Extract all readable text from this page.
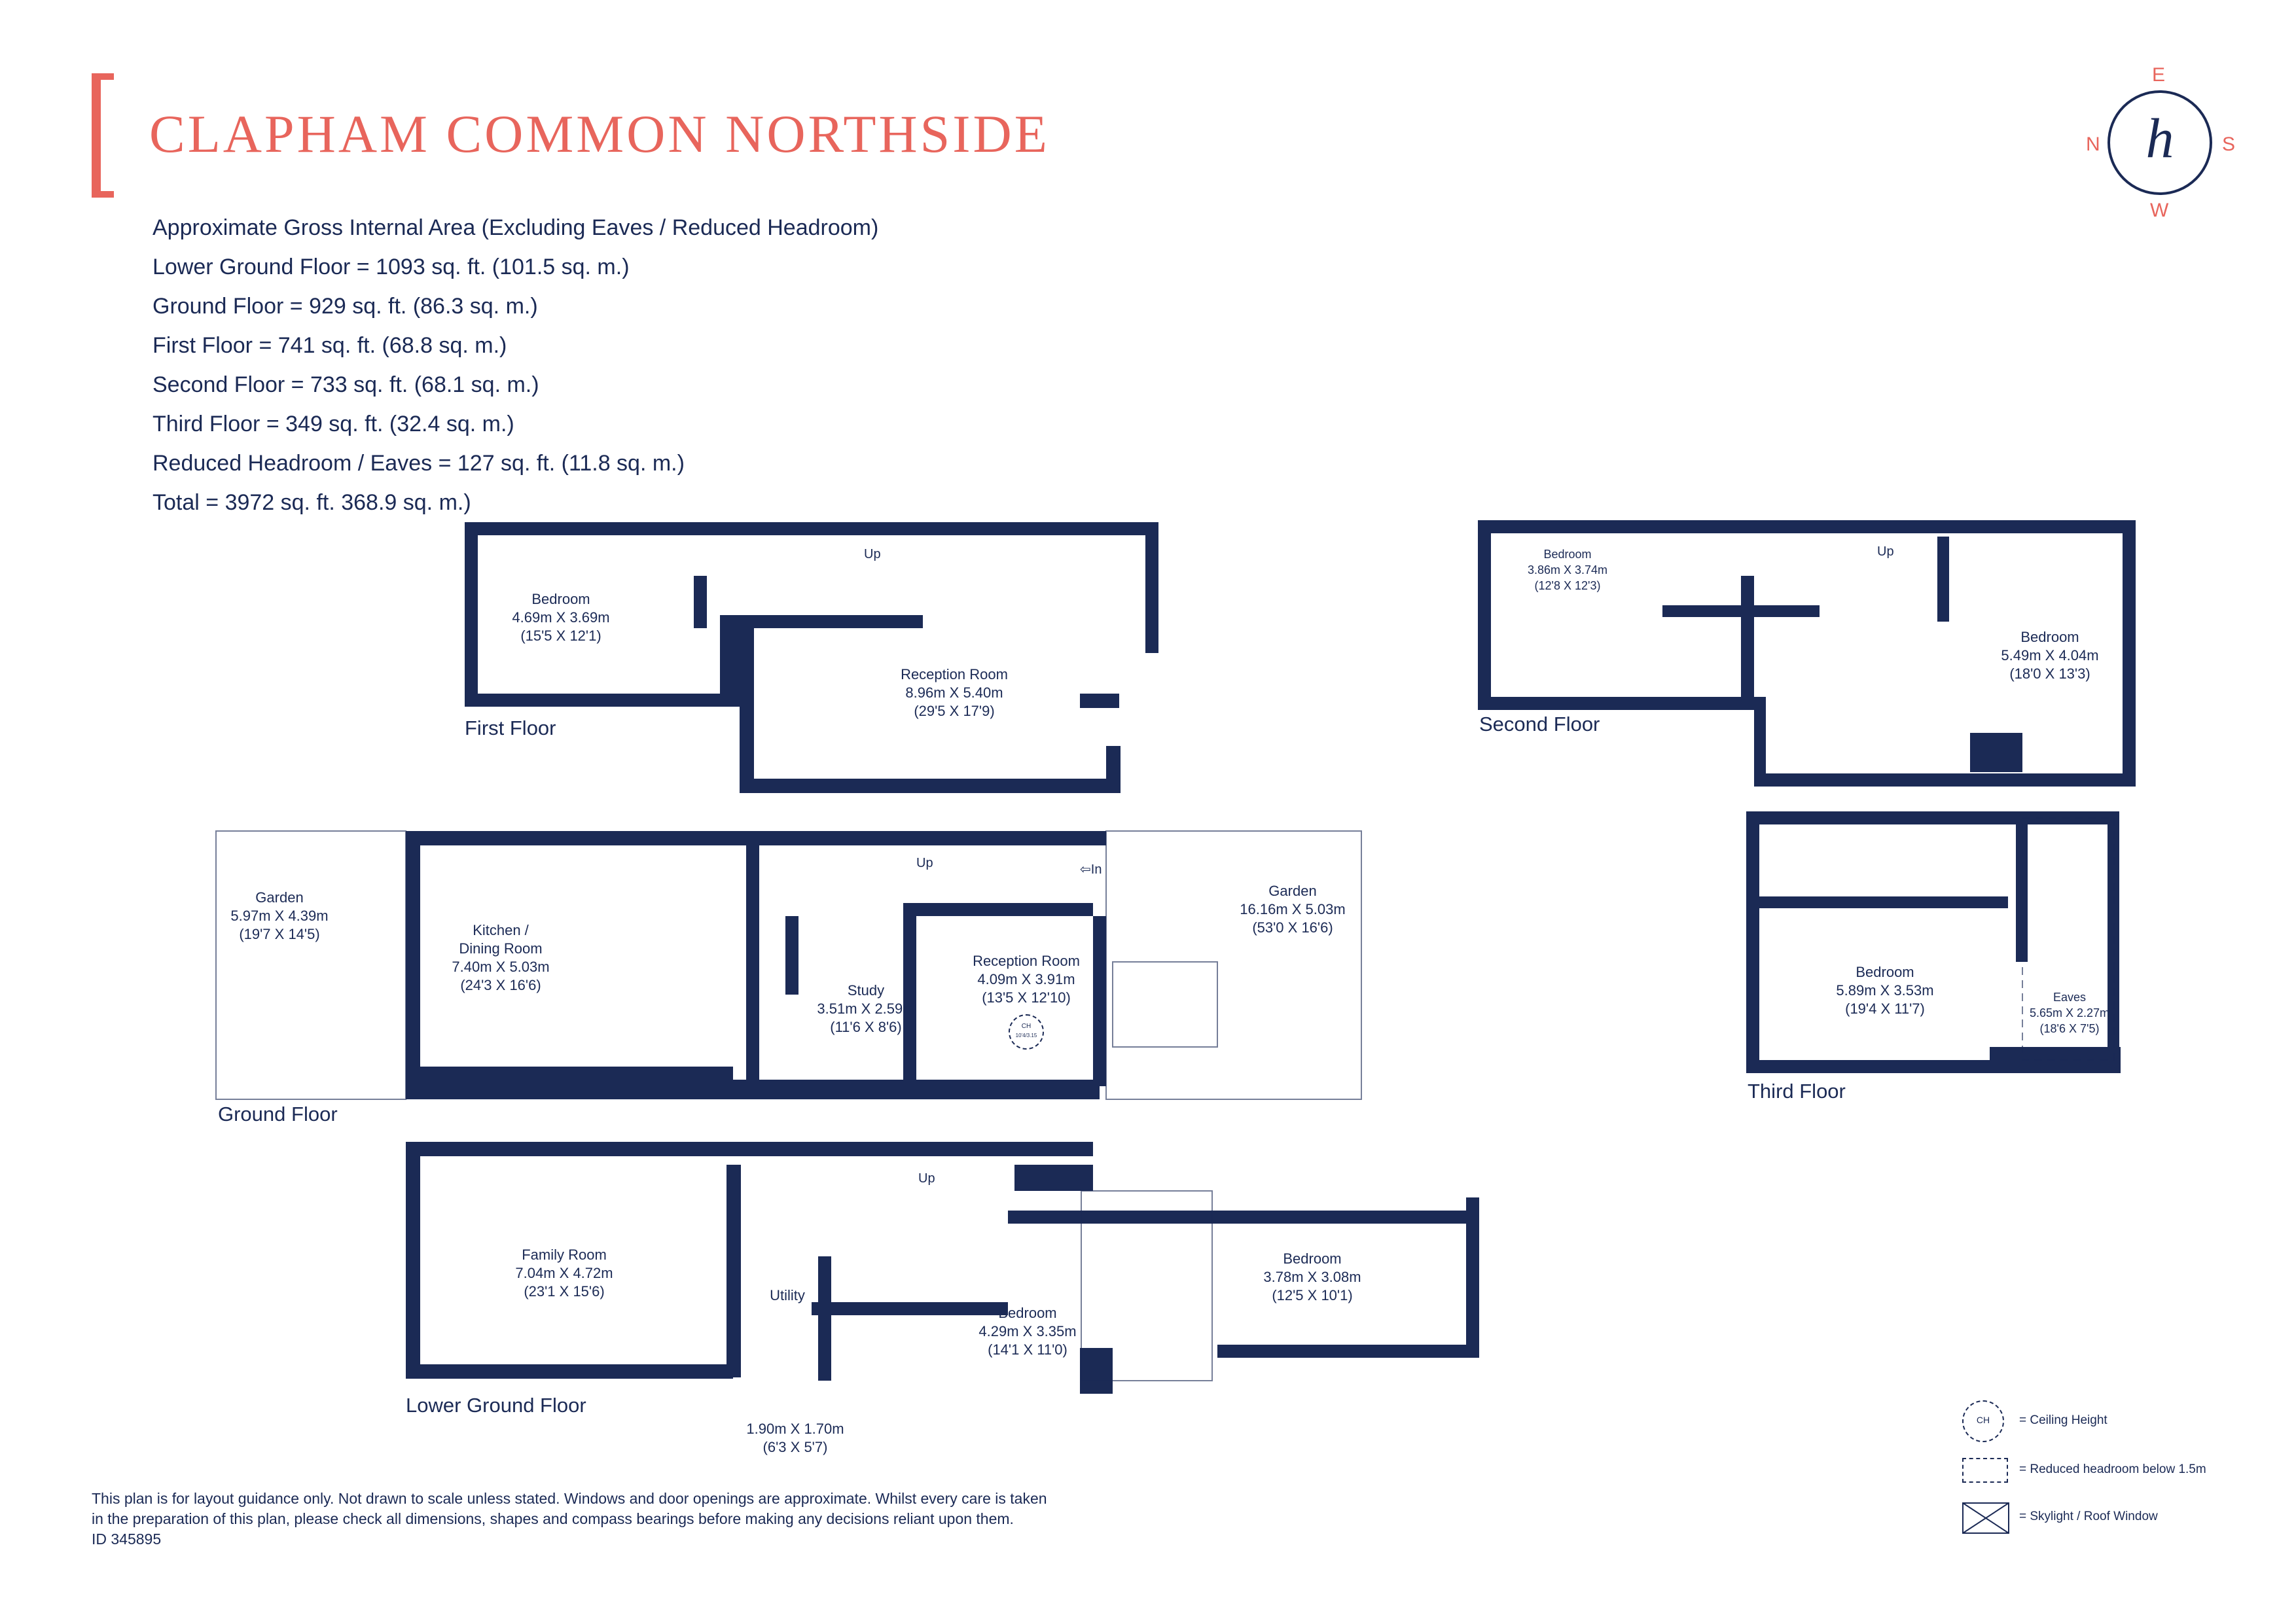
CLAPHAM COMMON NORTHSIDE
Approximate Gross Internal Area (Excluding Eaves / Reduced Headroom)
Lower Ground Floor = 1093 sq. ft. (101.5 sq. m.)
Ground Floor = 929 sq. ft. (86.3 sq. m.)
First Floor = 741 sq. ft. (68.8 sq. m.)
Second Floor = 733 sq. ft. (68.1 sq. m.)
Third Floor = 349 sq. ft. (32.4 sq. m.)
Reduced Headroom / Eaves = 127 sq. ft. (11.8 sq. m.)
Total = 3972 sq. ft. 368.9 sq. m.)
h
E
N	S
W
First Floor	Second Floor
Ground Floor
Third Floor
Lower Ground Floor
Bedroom
4.69m X 3.69m
(15'5 X 12'1)
Reception Room
8.96m X 5.40m
(29'5 X 17'9)
Up	Bedroom
3.86m X 3.74m
(12'8 X 12'3)
Bedroom
5.49m X 4.04m
(18'0 X 13'3)
Up
Garden
5.97m X 4.39m
(19'7 X 14'5)	Kitchen /
Dining Room
7.40m X 5.03m
(24'3 X 16'6)	Study
3.51m X 2.59m
(11'6 X 8'6)
Reception Room
4.09m X 3.91m
(13'5 X 12'10)
CH
10'4/3.15
Garden
16.16m X 5.03m
(53'0 X 16'6)
Up	⇦In
Bedroom
5.89m X 3.53m
(19'4 X 11'7)
Eaves
5.65m X 2.27m
(18'6 X 7'5)
Family Room
7.04m X 4.72m
(23'1 X 15'6)	Utility
Bedroom
4.29m X 3.35m
(14'1 X 11'0)
Bedroom
3.78m X 3.08m
(12'5 X 10'1)
1.90m X 1.70m
(6'3 X 5'7)
Up
CH	= Ceiling Height
= Reduced headroom below 1.5m
= Skylight / Roof Window
This plan is for layout guidance only. Not drawn to scale unless stated. Windows and door openings are approximate. Whilst every care is taken
in the preparation of this plan, please check all dimensions, shapes and compass bearings before making any decisions reliant upon them.
ID 345895
